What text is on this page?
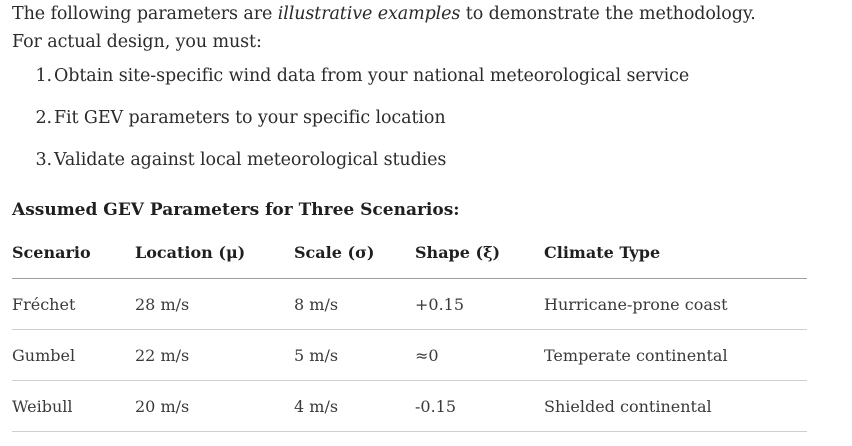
The following parameters are illustrative examples to demonstrate the methodology.
For actual design, you must:

1. Obtain site-specific wind data from your national meteorological service
2. Fit GEV parameters to your specific location
3. Validate against local meteorological studies

Assumed GEV Parameters for Three Scenarios:

Scenario	Location (μ)	Scale (σ)	Shape (ξ)	Climate Type
Fréchet	28 m/s	8 m/s	+0.15	Hurricane-prone coast
Gumbel	22 m/s	5 m/s	≈0	Temperate continental
Weibull	20 m/s	4 m/s	-0.15	Shielded continental
